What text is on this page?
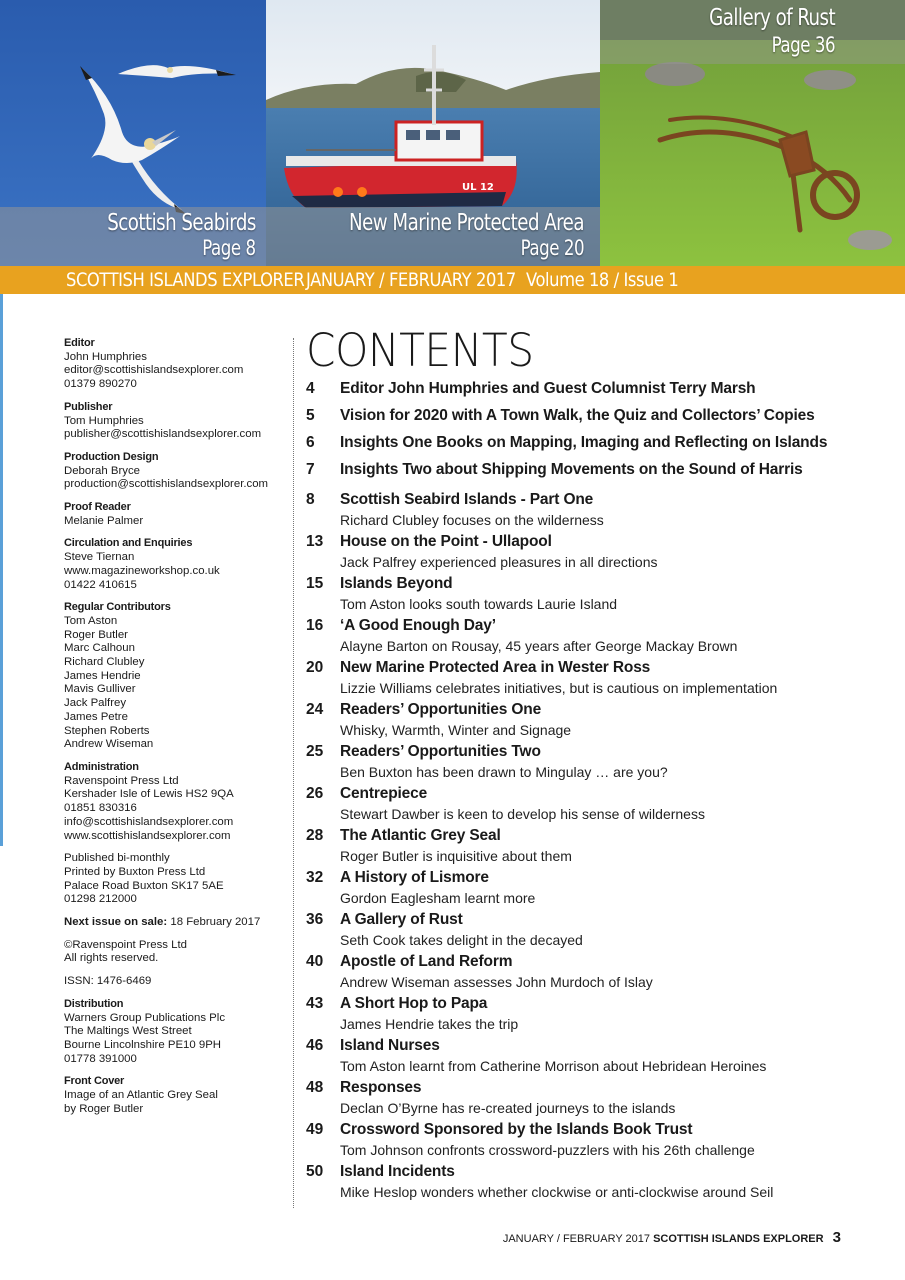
UL 12
Scottish Seabirds
Page 8
New Marine Protected Area
Page 20
Gallery of Rust
Page 36
SCOTTISH ISLANDS EXPLORER JANUARY / FEBRUARY 2017 Volume 18 / Issue 1
Editor
John Humphries
editor@scottishislandsexplorer.com
01379 890270
Publisher
Tom Humphries
publisher@scottishislandsexplorer.com
Production Design
Deborah Bryce
production@scottishislandsexplorer.com
Proof Reader
Melanie Palmer
Circulation and Enquiries
Steve Tiernan
www.magazineworkshop.co.uk
01422 410615
Regular Contributors
Tom Aston
Roger Butler
Marc Calhoun
Richard Clubley
James Hendrie
Mavis Gulliver
Jack Palfrey
James Petre
Stephen Roberts
Andrew Wiseman
Administration
Ravenspoint Press Ltd
Kershader Isle of Lewis HS2 9QA
01851 830316
info@scottishislandsexplorer.com
www.scottishislandsexplorer.com
Published bi-monthly
Printed by Buxton Press Ltd
Palace Road Buxton SK17 5AE
01298 212000
Next issue on sale: 18 February 2017
©Ravenspoint Press Ltd
All rights reserved.
ISSN: 1476-6469
Distribution
Warners Group Publications Plc
The Maltings West Street
Bourne Lincolnshire PE10 9PH
01778 391000
Front Cover
Image of an Atlantic Grey Seal
by Roger Butler
CONTENTS
4 Editor John Humphries and Guest Columnist Terry Marsh
5 Vision for 2020 with A Town Walk, the Quiz and Collectors’ Copies
6 Insights One Books on Mapping, Imaging and Reflecting on Islands
7 Insights Two about Shipping Movements on the Sound of Harris
8 Scottish Seabird Islands - Part One
Richard Clubley focuses on the wilderness
13 House on the Point - Ullapool
Jack Palfrey experienced pleasures in all directions
15 Islands Beyond
Tom Aston looks south towards Laurie Island
16 ‘A Good Enough Day’
Alayne Barton on Rousay, 45 years after George Mackay Brown
20 New Marine Protected Area in Wester Ross
Lizzie Williams celebrates initiatives, but is cautious on implementation
24 Readers’ Opportunities One
Whisky, Warmth, Winter and Signage
25 Readers’ Opportunities Two
Ben Buxton has been drawn to Mingulay … are you?
26 Centrepiece
Stewart Dawber is keen to develop his sense of wilderness
28 The Atlantic Grey Seal
Roger Butler is inquisitive about them
32 A History of Lismore
Gordon Eaglesham learnt more
36 A Gallery of Rust
Seth Cook takes delight in the decayed
40 Apostle of Land Reform
Andrew Wiseman assesses John Murdoch of Islay
43 A Short Hop to Papa
James Hendrie takes the trip
46 Island Nurses
Tom Aston learnt from Catherine Morrison about Hebridean Heroines
48 Responses
Declan O’Byrne has re-created journeys to the islands
49 Crossword Sponsored by the Islands Book Trust
Tom Johnson confronts crossword-puzzlers with his 26th challenge
50 Island Incidents
Mike Heslop wonders whether clockwise or anti-clockwise around Seil
JANUARY / FEBRUARY 2017 SCOTTISH ISLANDS EXPLORER 3
